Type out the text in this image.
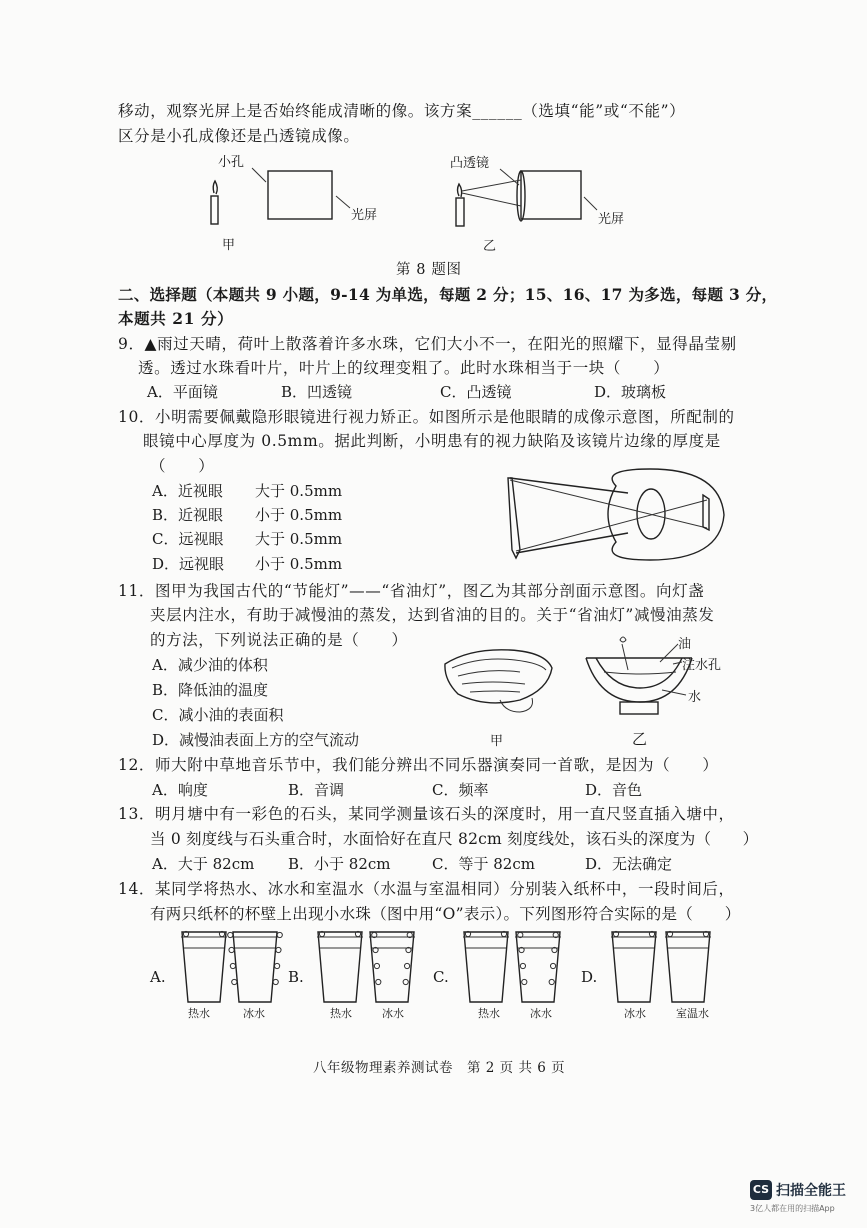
移动，观察光屏上是否始终能成清晰的像。该方案______（选填“能”或“不能”）
区分是小孔成像还是凸透镜成像。
小孔
光屏
甲
凸透镜
光屏
乙
第 8 题图
二、选择题（本题共 9 小题，9-14 为单选，每题 2 分；15、16、17 为多选，每题 3 分，
本题共 21 分）
9．▲雨过天晴，荷叶上散落着许多水珠，它们大小不一，在阳光的照耀下，显得晶莹剔
透。透过水珠看叶片，叶片上的纹理变粗了。此时水珠相当于一块（　　）
A．平面镜	B．凹透镜	C．凸透镜	D．玻璃板
10．小明需要佩戴隐形眼镜进行视力矫正。如图所示是他眼睛的成像示意图，所配制的
眼镜中心厚度为 0.5mm。据此判断，小明患有的视力缺陷及该镜片边缘的厚度是
（　　）
A．近视眼 大于 0.5mm
B．近视眼 小于 0.5mm
C．远视眼 大于 0.5mm
D．远视眼 小于 0.5mm
11．图甲为我国古代的“节能灯”——“省油灯”，图乙为其部分剖面示意图。向灯盏
夹层内注水，有助于减慢油的蒸发，达到省油的目的。关于“省油灯”减慢油蒸发
的方法，下列说法正确的是（　　）
A．减少油的体积
B．降低油的温度
C．减小油的表面积
D．减慢油表面上方的空气流动
油
注水孔
水
甲	乙
12．师大附中草地音乐节中，我们能分辨出不同乐器演奏同一首歌，是因为（　　）
A．响度	B．音调	C．频率	D．音色
13．明月塘中有一彩色的石头，某同学测量该石头的深度时，用一直尺竖直插入塘中，
当 0 刻度线与石头重合时，水面恰好在直尺 82cm 刻度线处，该石头的深度为（　　）
A．大于 82cm B．小于 82cm	C．等于 82cm	D．无法确定
14．某同学将热水、冰水和室温水（水温与室温相同）分别装入纸杯中，一段时间后，
有两只纸杯的杯壁上出现小水珠（图中用“O”表示）。下列图形符合实际的是（　　）
A.	B.	C.	D.
热水	冰水	热水	冰水	热水	冰水	冰水	室温水
八年级物理素养测试卷　第 2 页 共 6 页
CS 扫描全能王
3亿人都在用的扫描App
